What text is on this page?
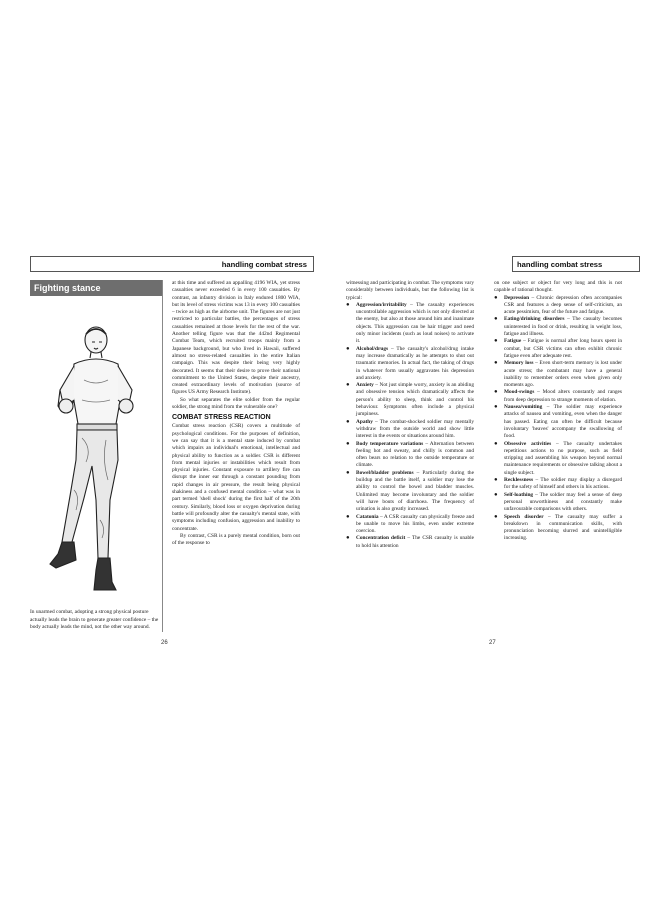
handling combat stress
Fighting stance
In unarmed combat, adopting a strong physical posture actually leads the brain to generate greater confidence – the body actually leads the mind, not the other way around.

at this time and suffered an appalling 4196 WIA, yet stress casualties never exceeded 6 in every 100 casualties. By contrast, an infantry division in Italy endured 1800 WIA, but its level of stress victims was 13 in every 100 casualties – twice as high as the airborne unit. The figures are not just restricted to particular battles, the percentages of stress casualties remained at those levels for the rest of the war. Another telling figure was that the 442nd Regimental Combat Team, which recruited troops mainly from a Japanese background, but who lived in Hawaii, suffered almost no stress-related casualties in the entire Italian campaign. This was despite their being very highly decorated. It seems that their desire to prove their national commitment to the United States, despite their ancestry, created extraordinary levels of motivation (source of figures US Army Research Institute).

So what separates the elite soldier from the regular soldier, the strong mind from the vulnerable one?

COMBAT STRESS REACTION

Combat stress reaction (CSR) covers a multitude of psychological conditions. For the purposes of definition, we can say that it is a mental state induced by combat which impairs an individual's emotional, intellectual and physical ability to function as a soldier. CSR is different from mental injuries or instabilities which result from physical injuries. Constant exposure to artillery fire can disrupt the inner ear through a constant pounding from rapid changes in air pressure, the result being physical shakiness and a confused mental condition – what was in part termed 'shell shock' during the first half of the 20th century. Similarly, blood loss or oxygen deprivation during battle will profoundly alter the casualty's mental state, with symptoms including confusion, aggression and inability to concentrate.

By contrast, CSR is a purely mental condition, born out of the response to

26
handling combat stress

witnessing and participating in combat. The symptoms vary considerably between individuals, but the following list is typical:

● Aggression/irritability – The casualty experiences uncontrollable aggression which is not only directed at the enemy, but also at those around him and inanimate objects. This aggression can be hair trigger and need only minor incidents (such as loud noises) to activate it.
● Alcohol/drugs – The casualty's alcohol/drug intake may increase dramatically as he attempts to shut out traumatic memories. In actual fact, the taking of drugs in whatever form usually aggravates his depression and anxiety.
● Anxiety – Not just simple worry, anxiety is an abiding and obsessive tension which dramatically affects the person's ability to sleep, think and control his behaviour. Symptoms often include a physical jumpiness.
● Apathy – The combat-shocked soldier may mentally withdraw from the outside world and show little interest in the events or situations around him.
● Body temperature variations – Alternation between feeling hot and sweaty, and chilly is common and often bears no relation to the outside temperature or climate.
● Bowel/bladder problems – Particularly during the buildup and the battle itself, a soldier may lose the ability to control the bowel and bladder muscles. Unlimited may become involuntary and the soldier will have bouts of diarrhoea. The frequency of urination is also greatly increased.
● Catatonia – A CSR casualty can physically freeze and be unable to move his limbs, even under extreme coercion.
● Concentration deficit – The CSR casualty is unable to hold his attention

on one subject or object for very long and this is not capable of rational thought.

● Depression – Chronic depression often accompanies CSR and features a deep sense of self-criticism, an acute pessimism, fear of the future and fatigue.
● Eating/drinking disorders – The casualty becomes uninterested in food or drink, resulting in weight loss, fatigue and illness.
● Fatigue – Fatigue is normal after long hours spent in combat, but CSR victims can often exhibit chronic fatigue even after adequate rest.
● Memory loss – Even short-term memory is lost under acute stress; the combatant may have a general inability to remember orders even when given only moments ago.
● Mood-swings – Mood alters constantly and ranges from deep depression to strange moments of elation.
● Nausea/vomiting – The soldier may experience attacks of nausea and vomiting, even when the danger has passed. Eating can often be difficult because involuntary 'heaves' accompany the swallowing of food.
● Obsessive activities – The casualty undertakes repetitious actions to no purpose, such as field stripping and assembling his weapon beyond normal maintenance requirements or obsessive talking about a single subject.
● Recklessness – The soldier may display a disregard for the safety of himself and others in his actions.
● Self-loathing – The soldier may feel a sense of deep personal unworthiness and constantly make unfavourable comparisons with others.
● Speech disorder – The casualty may suffer a breakdown in communication skills, with pronunciation becoming slurred and unintelligible increasing.
27
